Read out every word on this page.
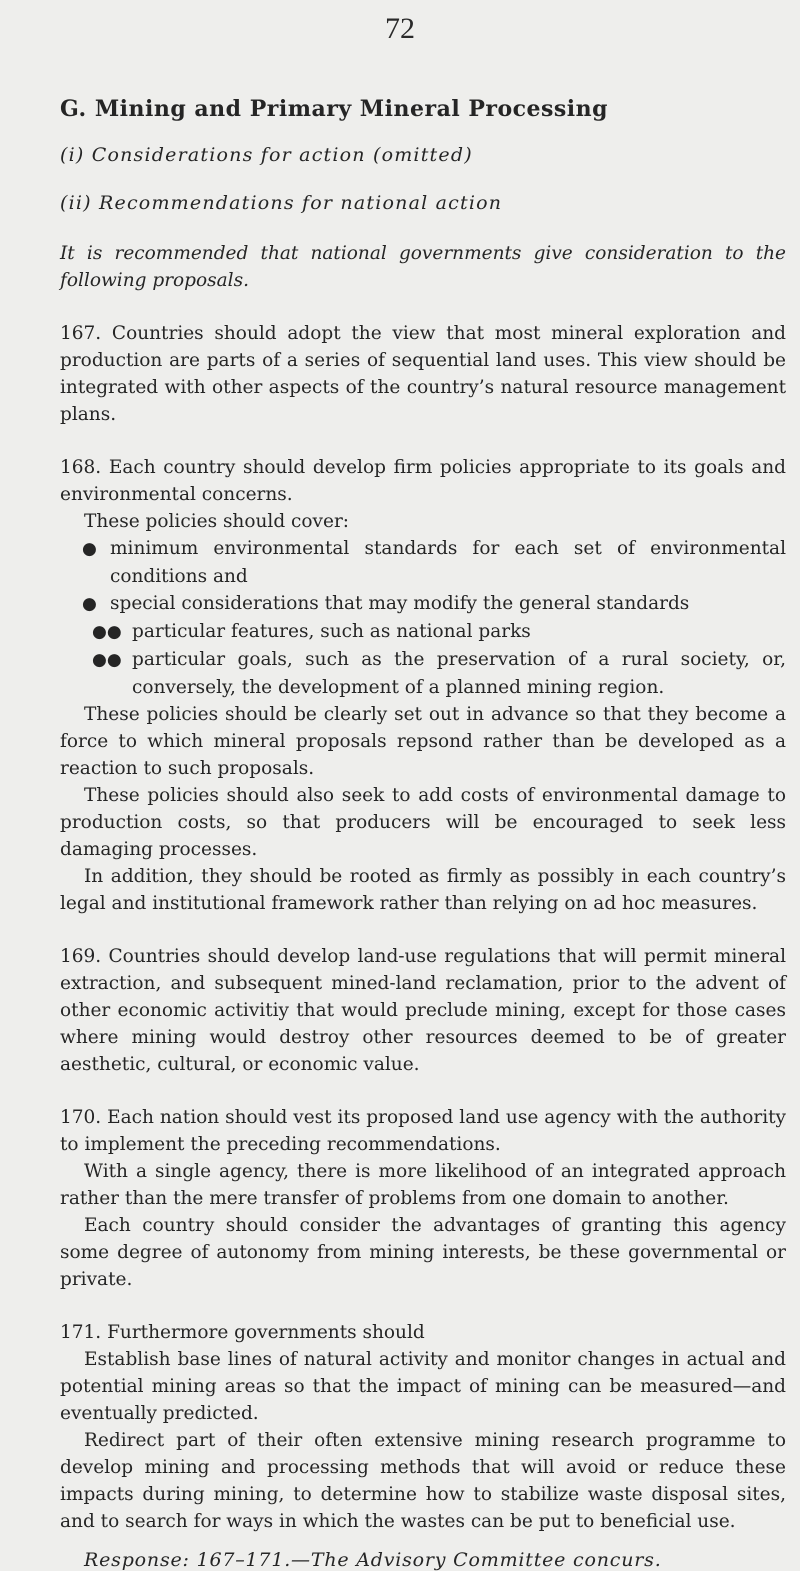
72
G. Mining and Primary Mineral Processing
(i) Considerations for action (omitted)
(ii) Recommendations for national action

It is recommended that national governments give consideration to the following proposals.

167. Countries should adopt the view that most mineral exploration and production are parts of a series of sequential land uses. This view should be integrated with other aspects of the country’s natural resource management plans.

168. Each country should develop firm policies appropriate to its goals and environmental concerns.

These policies should cover:

● minimum environmental standards for each set of environmental conditions and

● special considerations that may modify the general standards

●● particular features, such as national parks

●● particular goals, such as the preservation of a rural society, or, conversely, the development of a planned mining region.

These policies should be clearly set out in advance so that they become a force to which mineral proposals repsond rather than be developed as a reaction to such proposals.

These policies should also seek to add costs of environmental damage to production costs, so that producers will be encouraged to seek less damaging processes.

In addition, they should be rooted as firmly as possibly in each country’s legal and institutional framework rather than relying on ad hoc measures.

169. Countries should develop land-use regulations that will permit mineral extraction, and subsequent mined-land reclamation, prior to the advent of other economic activitiy that would preclude mining, except for those cases where mining would destroy other resources deemed to be of greater aesthetic, cultural, or economic value.

170. Each nation should vest its proposed land use agency with the authority to implement the preceding recommendations.

With a single agency, there is more likelihood of an integrated approach rather than the mere transfer of problems from one domain to another.

Each country should consider the advantages of granting this agency some degree of autonomy from mining interests, be these governmental or private.

171. Furthermore governments should

Establish base lines of natural activity and monitor changes in actual and potential mining areas so that the impact of mining can be measured—and eventually predicted.

Redirect part of their often extensive mining research programme to develop mining and processing methods that will avoid or reduce these impacts during mining, to determine how to stabilize waste disposal sites, and to search for ways in which the wastes can be put to beneficial use.

Response: 167–171.—The Advisory Committee concurs.
